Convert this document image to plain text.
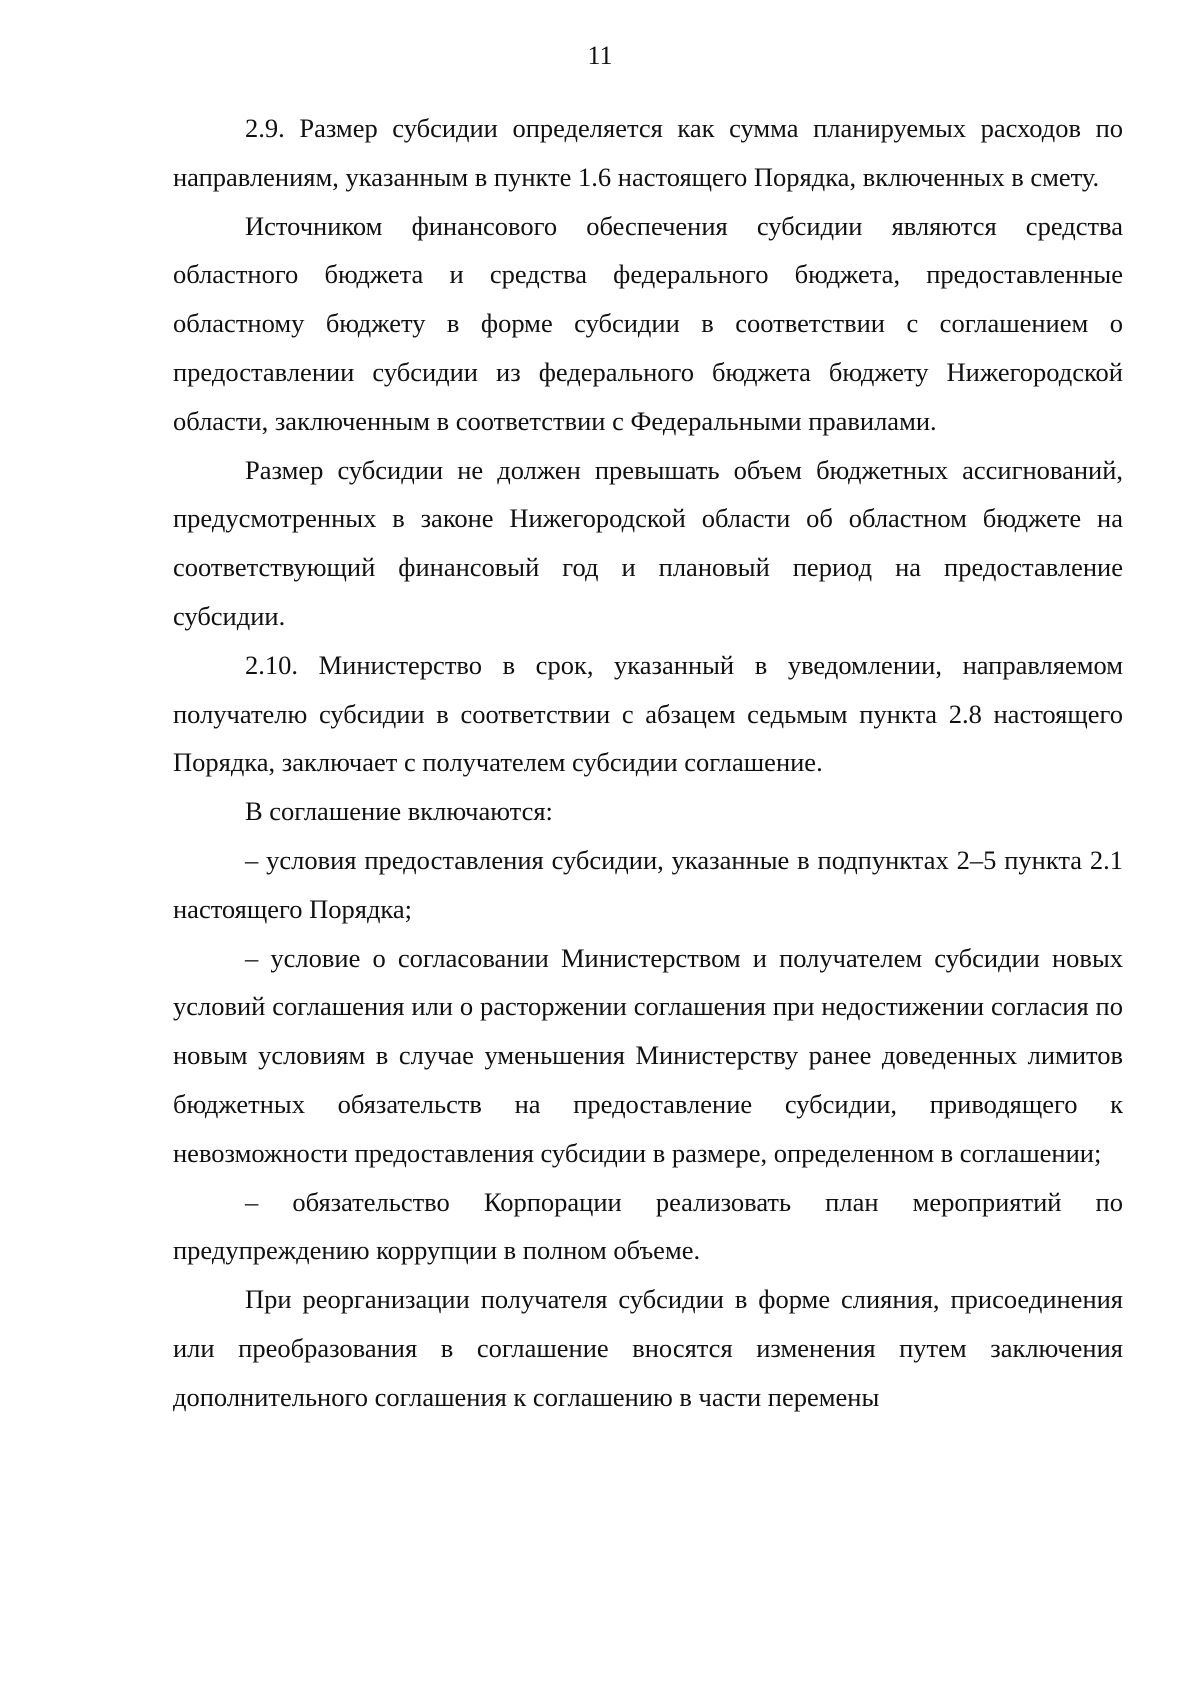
11

2.9. Размер субсидии определяется как сумма планируемых расходов по направлениям, указанным в пункте 1.6 настоящего Порядка, включенных в смету.

Источником финансового обеспечения субсидии являются средства областного бюджета и средства федерального бюджета, предоставленные областному бюджету в форме субсидии в соответствии с соглашением о предоставлении субсидии из федерального бюджета бюджету Нижегородской области, заключенным в соответствии с Федеральными правилами.

Размер субсидии не должен превышать объем бюджетных ассигнований, предусмотренных в законе Нижегородской области об областном бюджете на соответствующий финансовый год и плановый период на предоставление субсидии.

2.10. Министерство в срок, указанный в уведомлении, направляемом получателю субсидии в соответствии с абзацем седьмым пункта 2.8 настоящего Порядка, заключает с получателем субсидии соглашение.

В соглашение включаются:

– условия предоставления субсидии, указанные в подпунктах 2–5 пункта 2.1 настоящего Порядка;

– условие о согласовании Министерством и получателем субсидии новых условий соглашения или о расторжении соглашения при недостижении согласия по новым условиям в случае уменьшения Министерству ранее доведенных лимитов бюджетных обязательств на предоставление субсидии, приводящего к невозможности предоставления субсидии в размере, определенном в соглашении;

– обязательство Корпорации реализовать план мероприятий по предупреждению коррупции в полном объеме.

При реорганизации получателя субсидии в форме слияния, присоединения или преобразования в соглашение вносятся изменения путем заключения дополнительного соглашения к соглашению в части перемены
